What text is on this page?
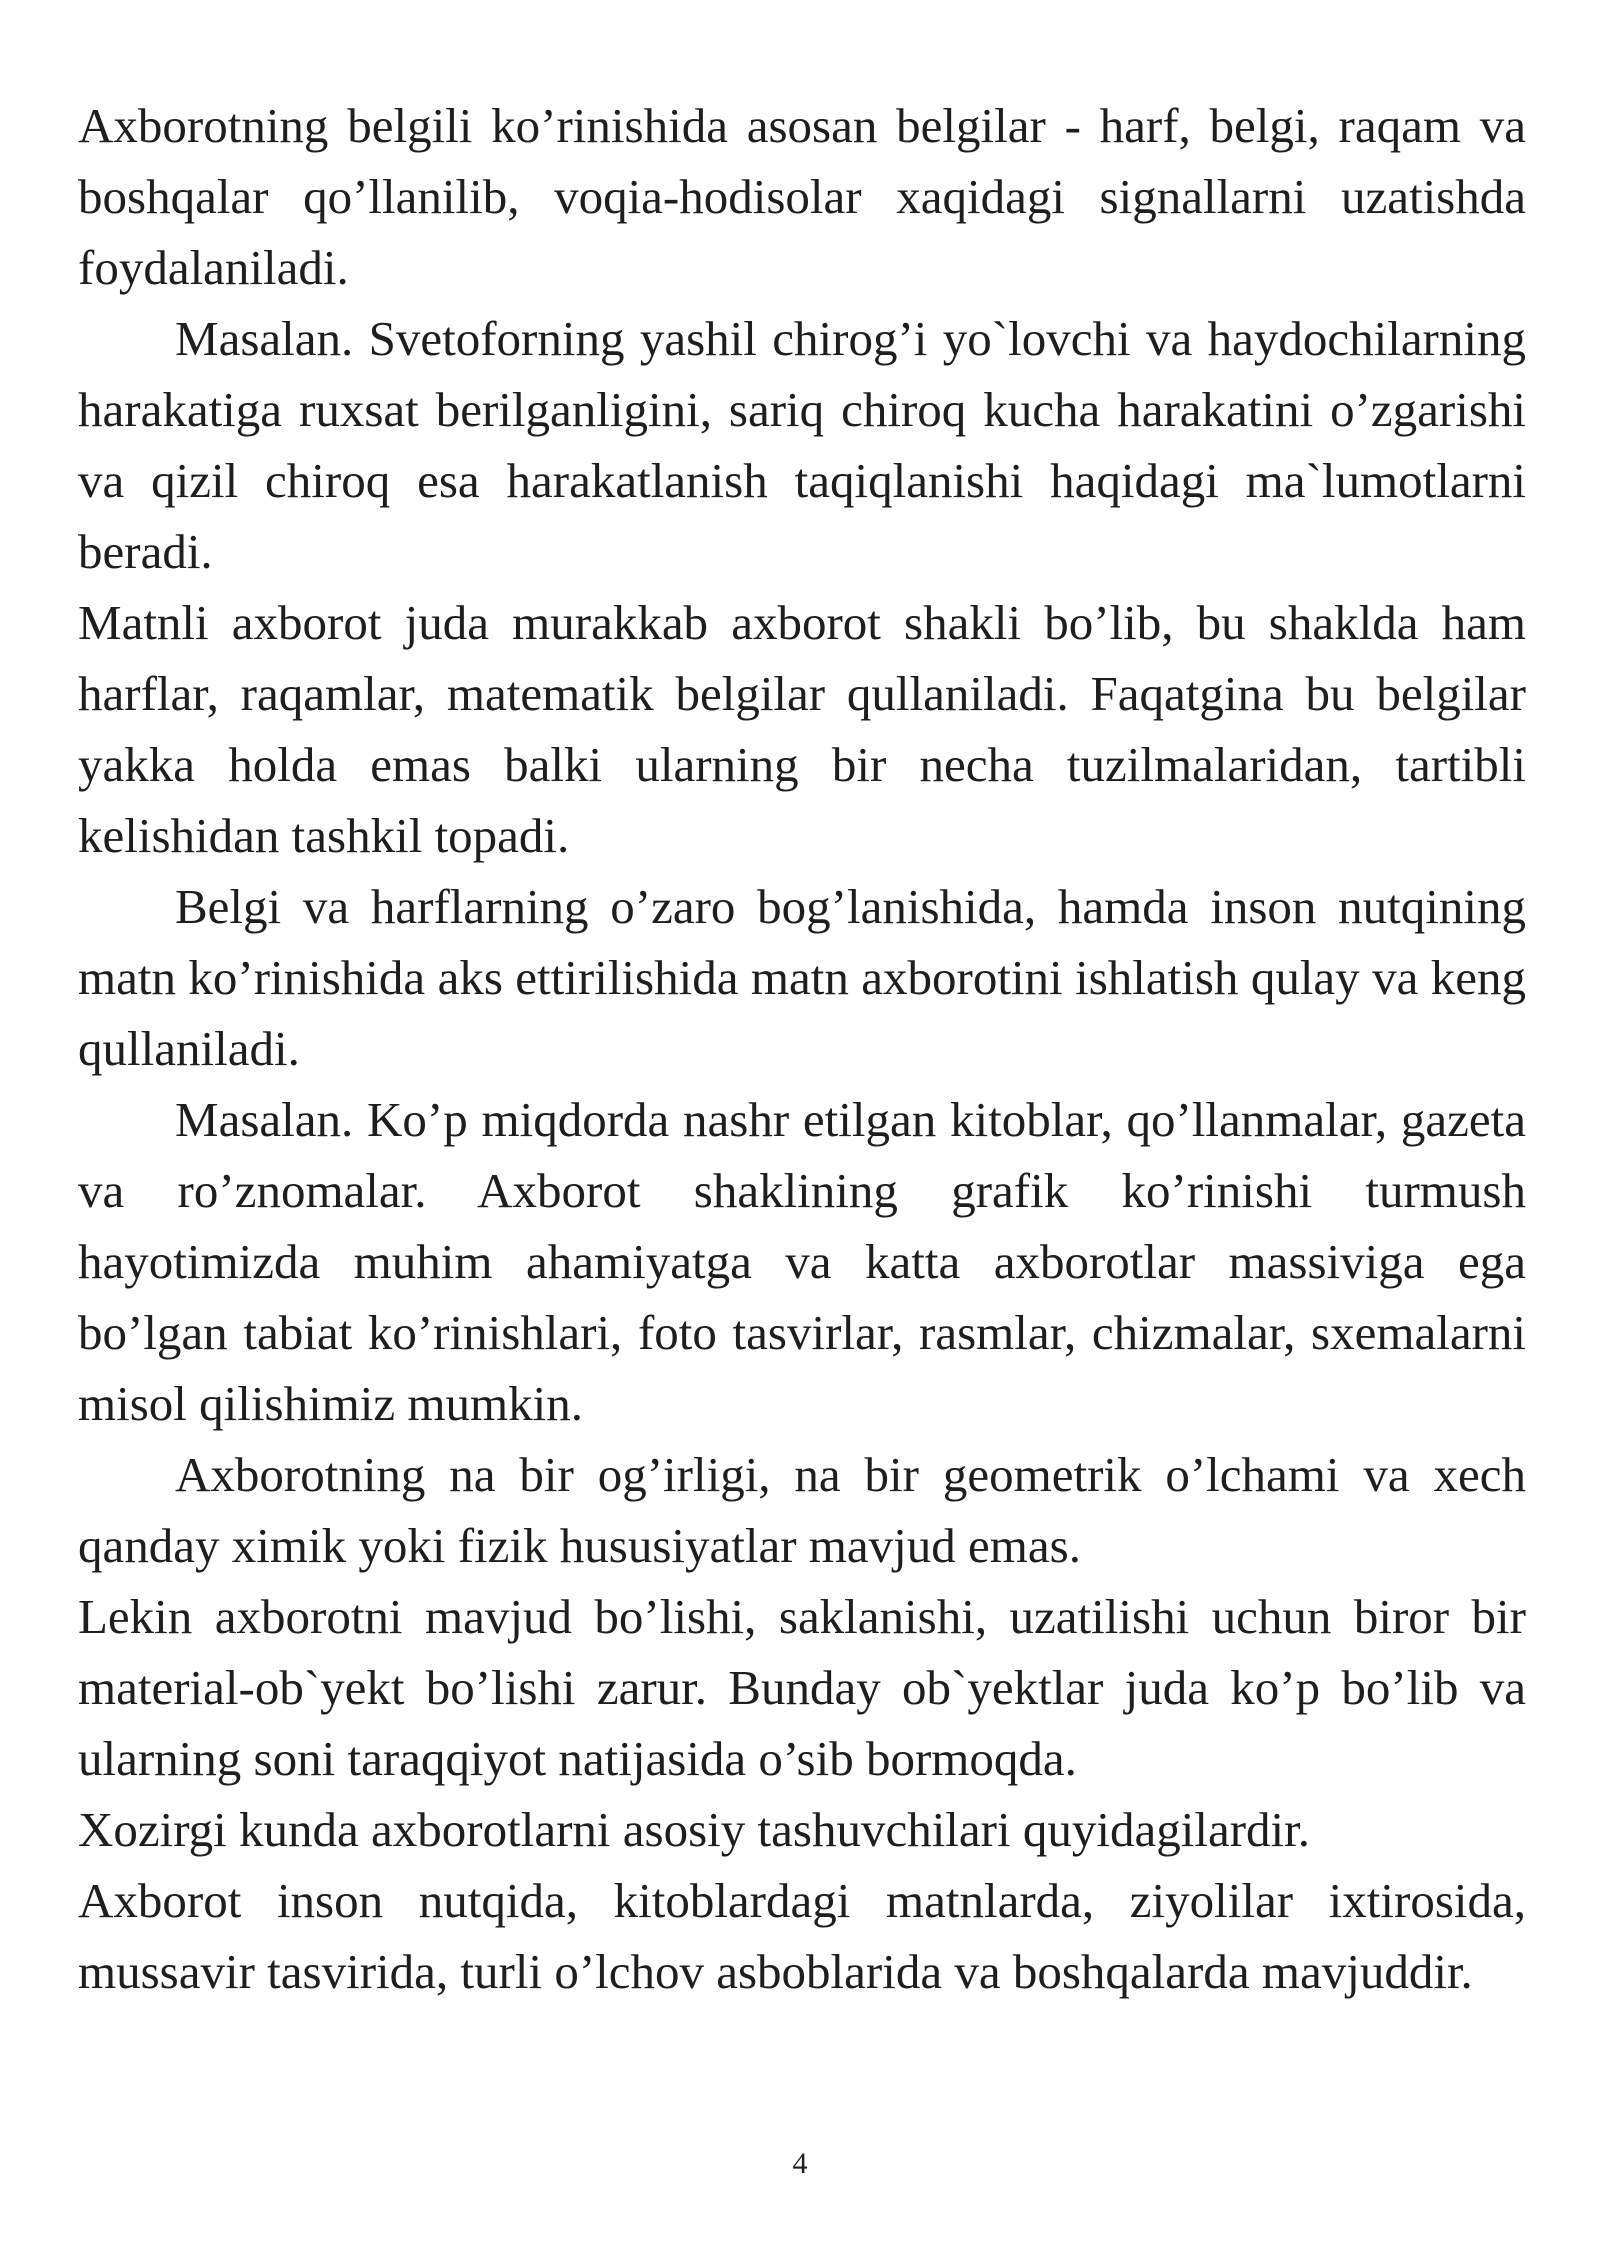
Axborotning belgili ko’rinishida asosan belgilar - harf, belgi, raqam va boshqalar qo’llanilib, voqia-hodisolar xaqidagi signallarni uzatishda foydalaniladi.

Masalan. Svetoforning yashil chirog’i yo`lovchi va haydochilarning harakatiga ruxsat berilganligini, sariq chiroq kucha harakatini o’zgarishi va qizil chiroq esa harakatlanish taqiqlanishi haqidagi ma`lumotlarni beradi.

Matnli axborot juda murakkab axborot shakli bo’lib, bu shaklda ham harflar, raqamlar, matematik belgilar qullaniladi. Faqatgina bu belgilar yakka holda emas balki ularning bir necha tuzilmalaridan, tartibli kelishidan tashkil topadi.

Belgi va harflarning o’zaro bog’lanishida, hamda inson nutqining matn ko’rinishida aks ettirilishida matn axborotini ishlatish qulay va keng qullaniladi.

Masalan. Ko’p miqdorda nashr etilgan kitoblar, qo’llanmalar, gazeta va ro’znomalar. Axborot shaklining grafik ko’rinishi turmush hayotimizda muhim ahamiyatga va katta axborotlar massiviga ega bo’lgan tabiat ko’rinishlari, foto tasvirlar, rasmlar, chizmalar, sxemalarni misol qilishimiz mumkin.

Axborotning na bir og’irligi, na bir geometrik o’lchami va xech qanday ximik yoki fizik hususiyatlar mavjud emas.

Lekin axborotni mavjud bo’lishi, saklanishi, uzatilishi uchun biror bir material-ob`yekt bo’lishi zarur. Bunday ob`yektlar juda ko’p bo’lib va ularning soni taraqqiyot natijasida o’sib bormoqda.

Xozirgi kunda axborotlarni asosiy tashuvchilari quyidagilardir.

Axborot inson nutqida, kitoblardagi matnlarda, ziyolilar ixtirosida, mussavir tasvirida, turli o’lchov asboblarida va boshqalarda mavjuddir.

4
